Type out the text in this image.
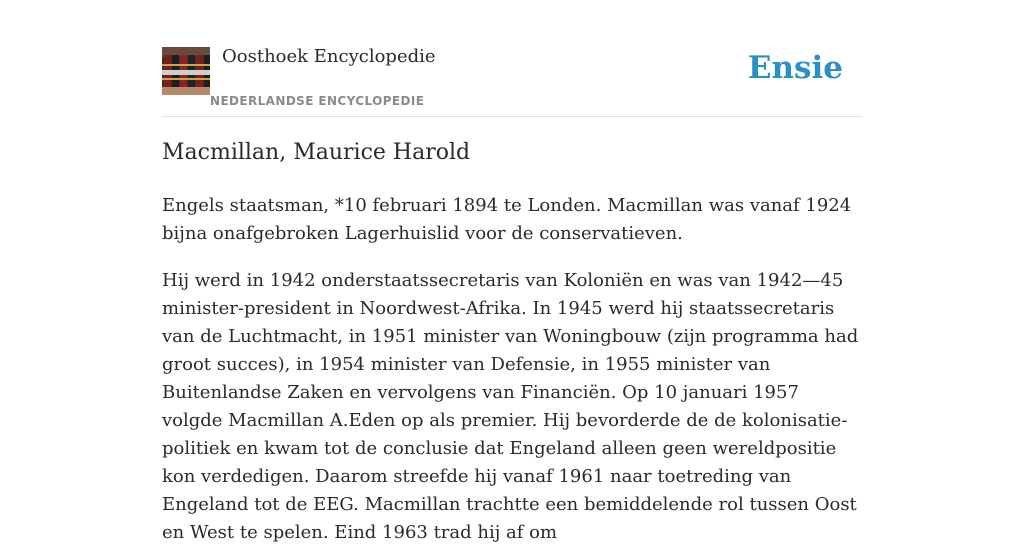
Oosthoek Encyclopedie
NEDERLANDSE ENCYCLOPEDIE
Ensie
Macmillan, Maurice Harold

Engels staatsman, *10 februari 1894 te Londen. Macmillan was vanaf 1924 bijna onafgebroken Lagerhuislid voor de conservatieven.

Hij werd in 1942 onderstaatssecretaris van Koloniën en was van 1942—45 minister-president in Noordwest-Afrika. In 1945 werd hij staatssecretaris van de Luchtmacht, in 1951 minister van Woningbouw (zijn programma had groot succes), in 1954 minister van Defensie, in 1955 minister van Buitenlandse Zaken en vervolgens van Financiën. Op 10 januari 1957 volgde Macmillan A.Eden op als premier. Hij bevorderde de de kolonisatie-politiek en kwam tot de conclusie dat Engeland alleen geen wereldpositie kon verdedigen. Daarom streefde hij vanaf 1961 naar toetreding van Engeland tot de EEG. Macmillan trachtte een bemiddelende rol tussen Oost en West te spelen. Eind 1963 trad hij af om
